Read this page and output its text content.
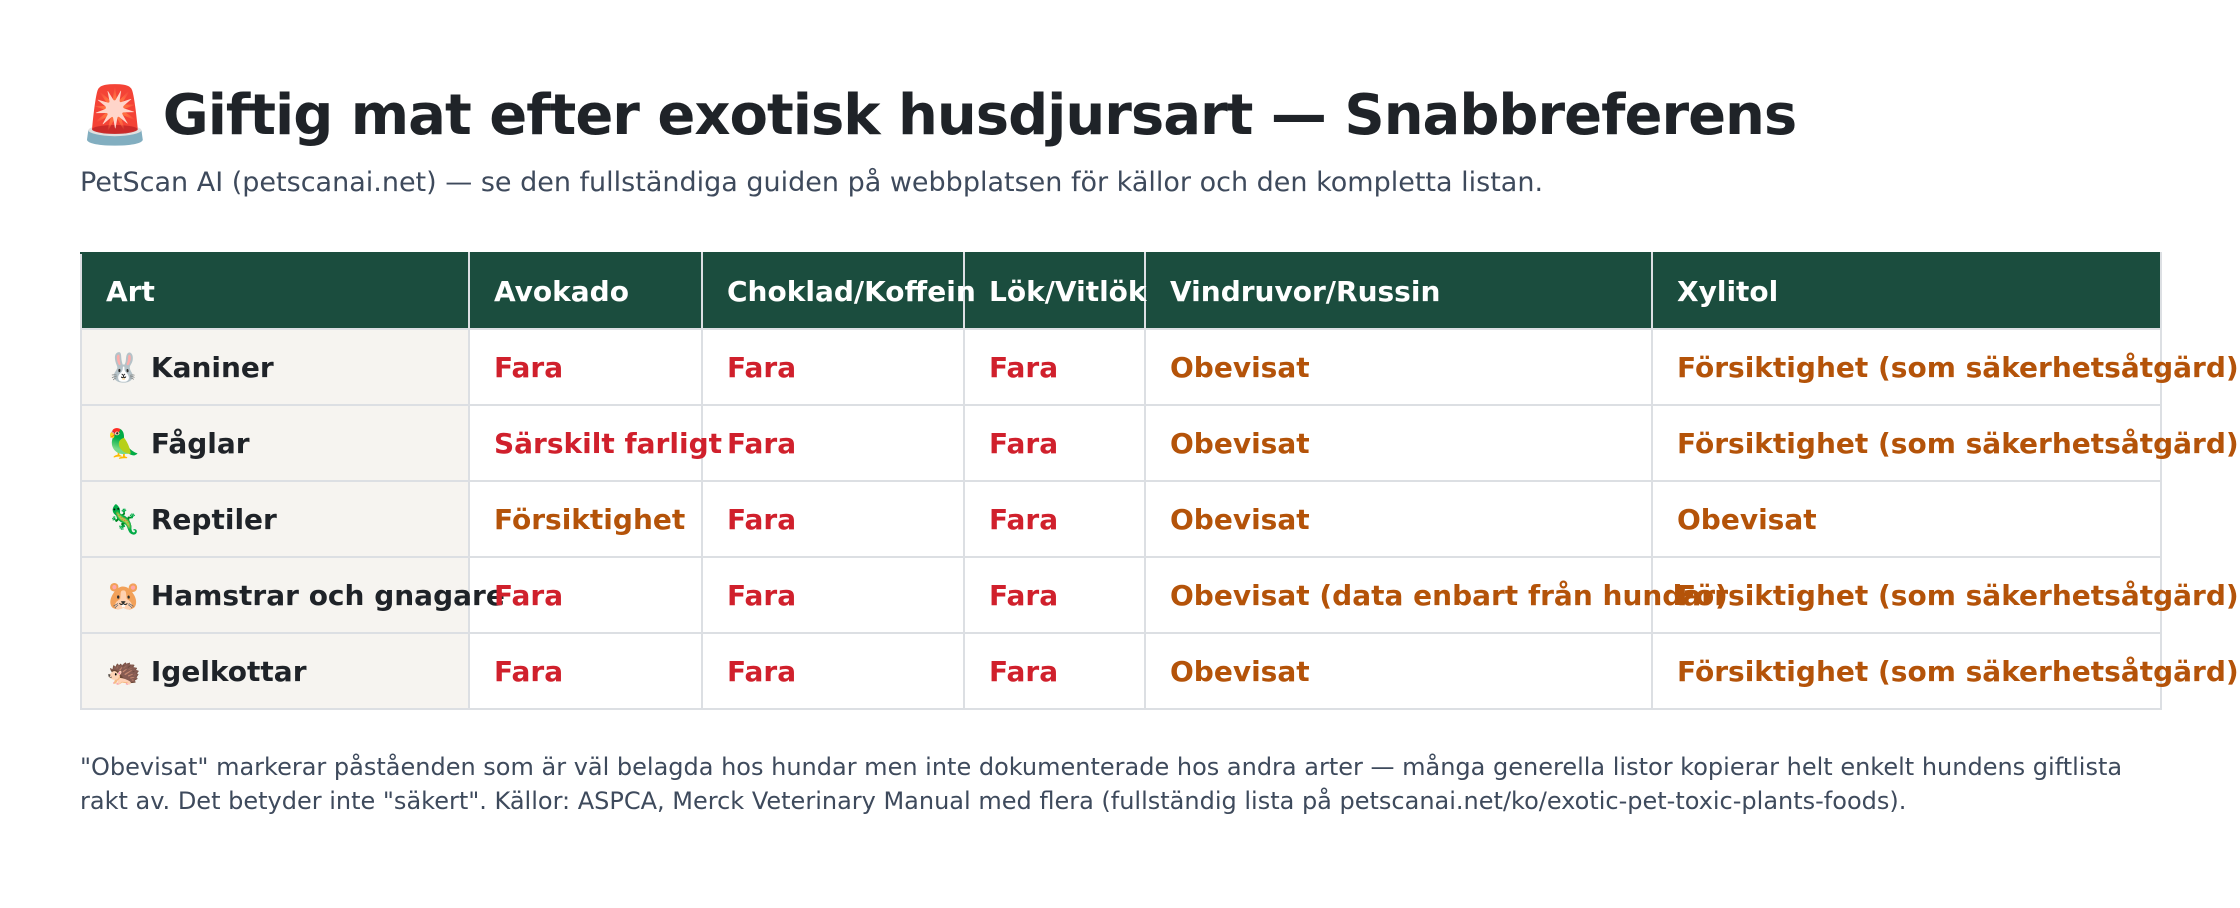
🚨 Giftig mat efter exotisk husdjursart — Snabbreferens
PetScan AI (petscanai.net) — se den fullständiga guiden på webbplatsen för källor och den kompletta listan.
Art	Avokado	Choklad/Koffein	Lök/Vitlök	Vindruvor/Russin	Xylitol
🐰 Kaniner	Fara	Fara	Fara	Obevisat	Försiktighet (som säkerhetsåtgärd)
🦜 Fåglar	Särskilt farligt	Fara	Fara	Obevisat	Försiktighet (som säkerhetsåtgärd)
🦎 Reptiler	Försiktighet	Fara	Fara	Obevisat	Obevisat
🐹 Hamstrar och gnagare	Fara	Fara	Fara	Obevisat (data enbart från hundar)	Försiktighet (som säkerhetsåtgärd)
🦔 Igelkottar	Fara	Fara	Fara	Obevisat	Försiktighet (som säkerhetsåtgärd)
"Obevisat" markerar påståenden som är väl belagda hos hundar men inte dokumenterade hos andra arter — många generella listor kopierar helt enkelt hundens giftlista rakt av. Det betyder inte "säkert". Källor: ASPCA, Merck Veterinary Manual med flera (fullständig lista på petscanai.net/ko/exotic-pet-toxic-plants-foods).
